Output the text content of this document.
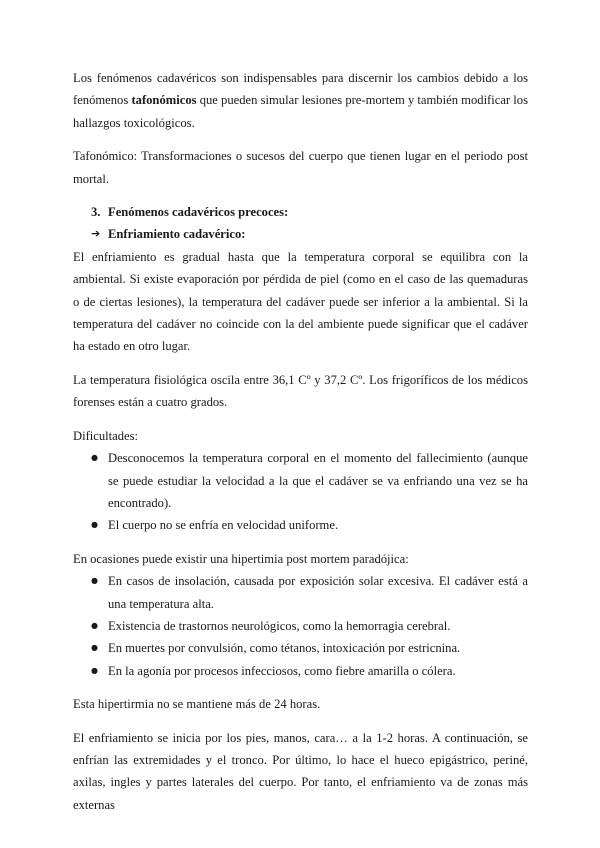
Los fenómenos cadavéricos son indispensables para discernir los cambios debido a los fenómenos tafonómicos que pueden simular lesiones pre-mortem y también modificar los hallazgos toxicológicos.

Tafonómico: Transformaciones o sucesos del cuerpo que tienen lugar en el periodo post mortal.

3. Fenómenos cadavéricos precoces:
➔ Enfriamiento cadavérico:

El enfriamiento es gradual hasta que la temperatura corporal se equilibra con la ambiental. Si existe evaporación por pérdida de piel (como en el caso de las quemaduras o de ciertas lesiones), la temperatura del cadáver puede ser inferior a la ambiental. Si la temperatura del cadáver no coincide con la del ambiente puede significar que el cadáver ha estado en otro lugar.

La temperatura fisiológica oscila entre 36,1 Cº y 37,2 Cº. Los frigoríficos de los médicos forenses están a cuatro grados.

Dificultades:

● Desconocemos la temperatura corporal en el momento del fallecimiento (aunque se puede estudiar la velocidad a la que el cadáver se va enfriando una vez se ha encontrado).
● El cuerpo no se enfría en velocidad uniforme.

En ocasiones puede existir una hipertimia post mortem paradójica:

● En casos de insolación, causada por exposición solar excesiva. El cadáver está a una temperatura alta.
● Existencia de trastornos neurológicos, como la hemorragia cerebral.
● En muertes por convulsión, como tétanos, intoxicación por estricnina.
● En la agonía por procesos infecciosos, como fiebre amarilla o cólera.

Esta hipertirmia no se mantiene más de 24 horas.

El enfriamiento se inicia por los pies, manos, cara… a la 1-2 horas. A continuación, se enfrían las extremidades y el tronco. Por último, lo hace el hueco epigástrico, periné, axilas, ingles y partes laterales del cuerpo. Por tanto, el enfriamiento va de zonas más externas
